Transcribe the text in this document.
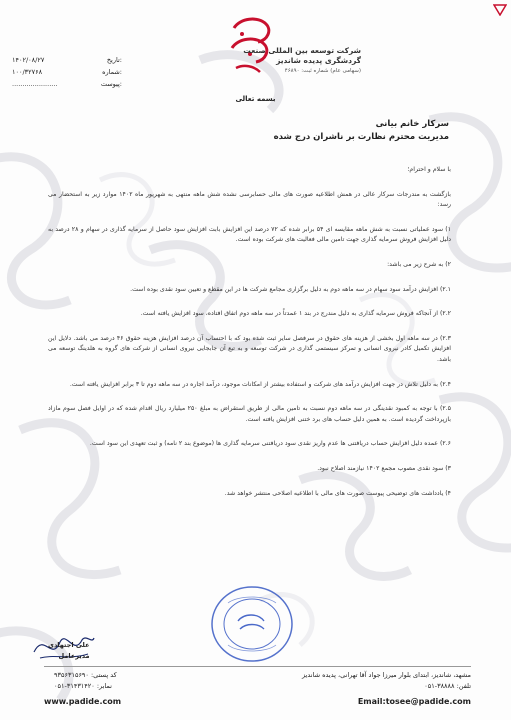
شرکت توسعه بین المللی صنعت
گردشگری پدیده شاندیز
(سهامی عام) شماره ثبت: ۴۶۸۹۰
۱۴۰۲/۰۸/۲۷	تاریخ:
۱۰۰/۳۲۷۶۸	شماره:
......................	پیوست:
بسمه تعالی
سرکار خانم بیانی
مدیریت محترم نظارت بر ناشران درج شده

با سلام و احترام؛

بازگشت به مندرجات سرکار عالی در همش اطلاعیه صورت های مالی حسابرسی نشده شش ماهه منتهی به شهریور ماه ۱۴۰۲ موارد زیر به استحضار می رسد:

۱) سود عملیاتی نسبت به شش ماهه مقایسه ای ۵۴ برابر شده که ۷۲ درصد این افزایش بابت افزایش سود حاصل از سرمایه گذاری در سهام و ۲۸ درصد به دلیل افزایش فروش سرمایه گذاری جهت تامین مالی فعالیت های شرکت بوده است.

۲) به شرح زیر می باشد:

۲.۱) افزایش درآمد سود سهام در سه ماهه دوم به دلیل برگزاری مجامع شرکت ها در این مقطع و تعیین سود نقدی بوده است.

۲.۲) از آنجاکه فروش سرمایه گذاری به دلیل مندرج در بند ۱ عمدتاً در سه ماهه دوم اتفاق افتاده، سود افزایش یافته است.

۲.۳) در سه ماهه اول بخشی از هزینه های حقوق در سرفصل سایر ثبت شده بود که با احتساب آن درصد افزایش هزینه حقوق ۴۶ درصد می باشد. دلایل این افزایش تکمیل کادر نیروی انسانی و تمرکز سیستمی گذاری در شرکت توسعه و به تبع آن جابجایی نیروی انسانی از شرکت های گروه به هلدینگ توسعه می باشد.

۲.۴) به دلیل تلاش در جهت افزایش درآمد های شرکت و استفاده بیشتر از امکانات موجود، درآمد اجاره در سه ماهه دوم تا ۳ برابر افزایش یافته است.

۲.۵) با توجه به کمبود نقدینگی در سه ماهه دوم نسبت به تامین مالی از طریق استقراض به مبلغ ۲۵۰ میلیارد ریال اقدام شده که در اوایل فصل سوم مازاد بازپرداخت گردیده است. به همین دلیل حساب های برد ختنی افزایش یافته است.

۲.۶) عمده دلیل افزایش حساب دریافتنی ها عدم واریز نقدی سود دریافتنی سرمایه گذاری ها (موضوع بند ۲ نامه) و ثبت تعهدی این سود است.

۳) سود نقدی مصوب مجمع ۱۴۰۲ نیازمند اصلاح نبود.

۴) یادداشت های توضیحی پیوست صورت های مالی با اطلاعیه اصلاحی منتشر خواهد شد.

علی اجتهادی
مدیرعامل
مشهد، شاندیز، ابتدای بلوار میرزا جواد آقا تهرانی، پدیده شاندیز
کد پستی: ۹۳۵۶۳۱۵۶۹۰
تلفن: ۳۸۸۸۸-۰۵۱
نمابر: ۳۱۴۳۱۴۲۰-۰۵۱
www.padide.com	Email:tosee@padide.com
